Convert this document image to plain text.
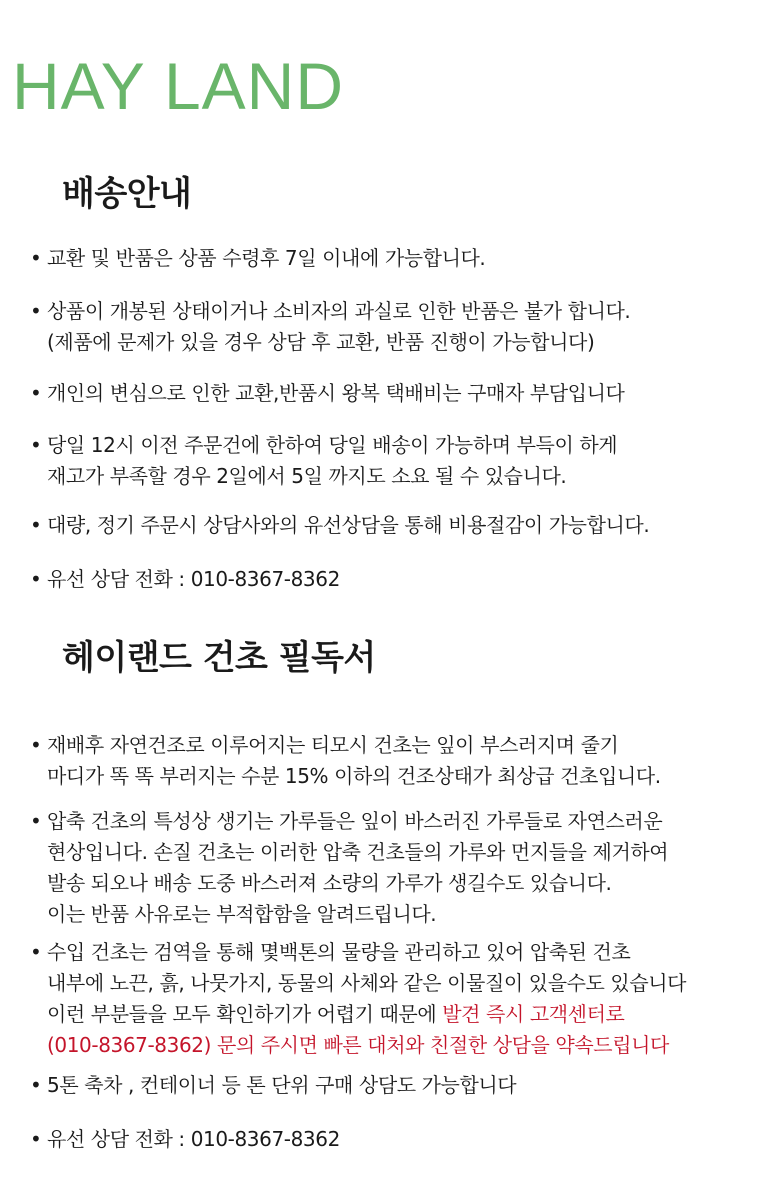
HAY LAND
배송안내
• 교환 및 반품은 상품 수령후 7일 이내에 가능합니다.
• 상품이 개봉된 상태이거나 소비자의 과실로 인한 반품은 불가 합니다.
(제품에 문제가 있을 경우 상담 후 교환, 반품 진행이 가능합니다)
• 개인의 변심으로 인한 교환,반품시 왕복 택배비는 구매자 부담입니다
• 당일 12시 이전 주문건에 한하여 당일 배송이 가능하며 부득이 하게
재고가 부족할 경우 2일에서 5일 까지도 소요 될 수 있습니다.
• 대량, 정기 주문시 상담사와의 유선상담을 통해 비용절감이 가능합니다.
• 유선 상담 전화 : 010-8367-8362
헤이랜드 건초 필독서
• 재배후 자연건조로 이루어지는 티모시 건초는 잎이 부스러지며 줄기
마디가 똑 똑 부러지는 수분 15% 이하의 건조상태가 최상급 건초입니다.
• 압축 건초의 특성상 생기는 가루들은 잎이 바스러진 가루들로 자연스러운
현상입니다. 손질 건초는 이러한 압축 건초들의 가루와 먼지들을 제거하여
발송 되오나 배송 도중 바스러져 소량의 가루가 생길수도 있습니다.
이는 반품 사유로는 부적합함을 알려드립니다.
• 수입 건초는 검역을 통해 몇백톤의 물량을 관리하고 있어 압축된 건초
내부에 노끈, 흙, 나뭇가지, 동물의 사체와 같은 이물질이 있을수도 있습니다
이런 부분들을 모두 확인하기가 어렵기 때문에 발견 즉시 고객센터로
(010-8367-8362) 문의 주시면 빠른 대처와 친절한 상담을 약속드립니다
• 5톤 축차 , 컨테이너 등 톤 단위 구매 상담도 가능합니다
• 유선 상담 전화 : 010-8367-8362
